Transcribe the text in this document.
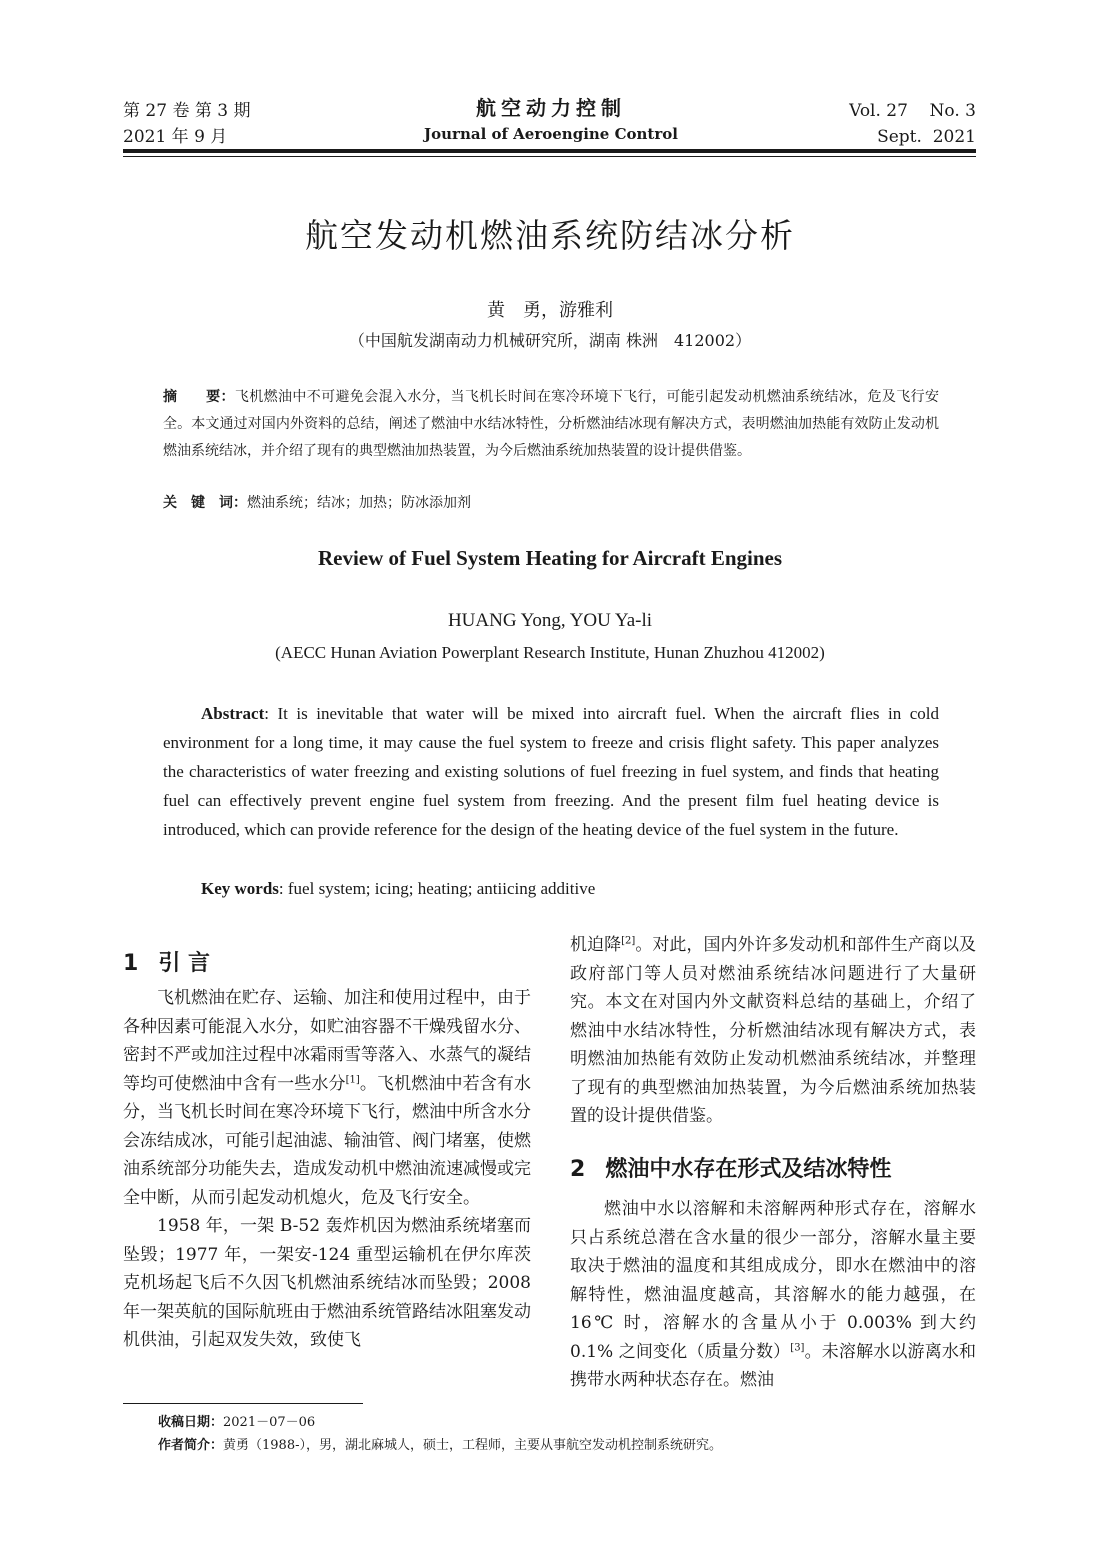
第 27 卷 第 3 期
2021 年 9 月
航空动力控制
Journal of Aeroengine Control
Vol. 27    No. 3
Sept.  2021
航空发动机燃油系统防结冰分析
黄　勇，游雅利
（中国航发湖南动力机械研究所，湖南 株洲　412002）
摘　　要：飞机燃油中不可避免会混入水分，当飞机长时间在寒冷环境下飞行，可能引起发动机燃油系统结冰，危及飞行安全。本文通过对国内外资料的总结，阐述了燃油中水结冰特性，分析燃油结冰现有解决方式，表明燃油加热能有效防止发动机燃油系统结冰，并介绍了现有的典型燃油加热装置，为今后燃油系统加热装置的设计提供借鉴。
关　键　词：燃油系统；结冰；加热；防冰添加剂
Review of Fuel System Heating for Aircraft Engines
HUANG Yong, YOU Ya-li
(AECC Hunan Aviation Powerplant Research Institute, Hunan Zhuzhou 412002)
Abstract: It is inevitable that water will be mixed into aircraft fuel. When the aircraft flies in cold environment for a long time, it may cause the fuel system to freeze and crisis flight safety. This paper analyzes the characteristics of water freezing and existing solutions of fuel freezing in fuel system, and finds that heating fuel can effectively prevent engine fuel system from freezing. And the present film fuel heating device is introduced, which can provide reference for the design of the heating device of the fuel system in the future.
Key words: fuel system; icing; heating; antiicing additive
1 引 言

飞机燃油在贮存、运输、加注和使用过程中，由于各种因素可能混入水分，如贮油容器不干燥残留水分、密封不严或加注过程中冰霜雨雪等落入、水蒸气的凝结等均可使燃油中含有一些水分[1]。飞机燃油中若含有水分，当飞机长时间在寒冷环境下飞行，燃油中所含水分会冻结成冰，可能引起油滤、输油管、阀门堵塞，使燃油系统部分功能失去，造成发动机中燃油流速减慢或完全中断，从而引起发动机熄火，危及飞行安全。

1958 年，一架 B-52 轰炸机因为燃油系统堵塞而坠毁；1977 年，一架安-124 重型运输机在伊尔库茨克机场起飞后不久因飞机燃油系统结冰而坠毁；2008 年一架英航的国际航班由于燃油系统管路结冰阻塞发动机供油，引起双发失效，致使飞

机迫降[2]。对此，国内外许多发动机和部件生产商以及政府部门等人员对燃油系统结冰问题进行了大量研究。本文在对国内外文献资料总结的基础上，介绍了燃油中水结冰特性，分析燃油结冰现有解决方式，表明燃油加热能有效防止发动机燃油系统结冰，并整理了现有的典型燃油加热装置，为今后燃油系统加热装置的设计提供借鉴。

2 燃油中水存在形式及结冰特性

燃油中水以溶解和未溶解两种形式存在，溶解水只占系统总潜在含水量的很少一部分，溶解水量主要取决于燃油的温度和其组成成分，即水在燃油中的溶解特性，燃油温度越高，其溶解水的能力越强，在 16℃ 时，溶解水的含量从小于 0.003% 到大约 0.1% 之间变化（质量分数）[3]。未溶解水以游离水和携带水两种状态存在。燃油

收稿日期：2021－07－06
作者简介：黄勇（1988-），男，湖北麻城人，硕士，工程师，主要从事航空发动机控制系统研究。
